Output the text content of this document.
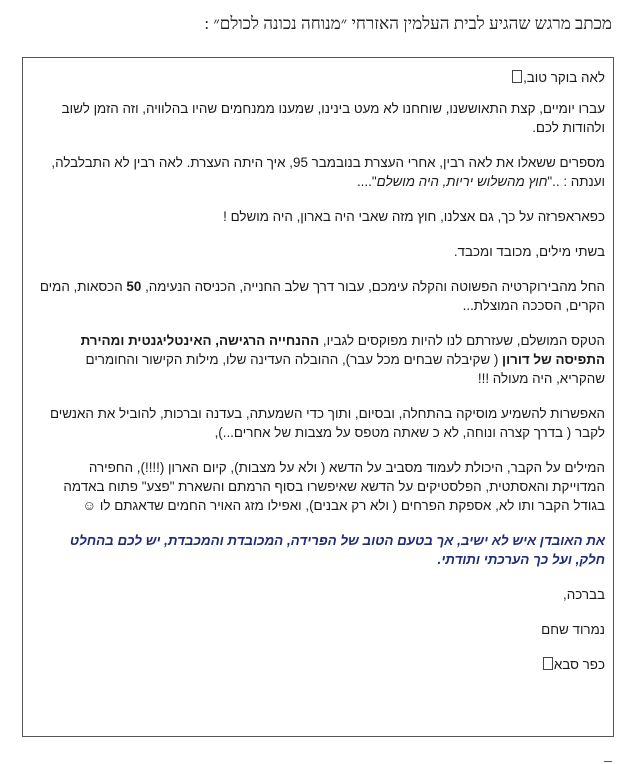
מכתב מרגש שהגיע לבית העלמין האזרחי ״מנוחה נכונה לכולם״ :

לאה בוקר טוב,

עברו יומיים, קצת התאוששנו, שוחחנו לא מעט בינינו, שמענו ממנחמים שהיו בהלוויה, וזה הזמן לשוב ולהודות לכם.

מספרים ששאלו את לאה רבין, אחרי העצרת בנובמבר 95, איך היתה העצרת. לאה רבין לא התבלבלה, וענתה : .."חוץ מהשלוש יריות, היה מושלם"....

כפאראפרזה על כך, גם אצלנו, חוץ מזה שאבי היה בארון, היה מושלם !

בשתי מילים, מכובד ומכבד.

החל מהבירוקרטיה הפשוטה והקלה עימכם, עבור דרך שלב החנייה, הכניסה הנעימה, 50 הכסאות, המים הקרים, הסככה המוצלת...

הטקס המושלם, שעזרתם לנו להיות מפוקסים לגביו, ההנחייה הרגישה, האינטליגנטית ומהירת התפיסה של דורון ( שקיבלה שבחים מכל עבר), ההובלה העדינה שלו, מילות הקישור והחומרים שהקריא, היה מעולה !!!

האפשרות להשמיע מוסיקה בהתחלה, ובסיום, ותוך כדי השמעתה, בעדנה וברכות, להוביל את האנשים לקבר ( בדרך קצרה ונוחה, לא כ שאתה מטפס על מצבות של אחרים...),

המילים על הקבר, היכולת לעמוד מסביב על הדשא ( ולא על מצבות), קיום הארון (!!!!), החפירה המדוייקת והאסתטית, הפלסטיקים על הדשא שאיפשרו בסוף הרמתם והשארת "פצע" פתוח באדמה בגודל הקבר ותו לא, אספקת הפרחים ( ולא רק אבנים), ואפילו מזג האויר החמים שדאגתם לו ☺

את האובדן איש לא ישיב, אך בטעם הטוב של הפרידה, המכובדת והמכבדת, יש לכם בהחלט חלק, ועל כך הערכתי ותודתי.

בברכה,

נמרוד שחם

כפר סבא
